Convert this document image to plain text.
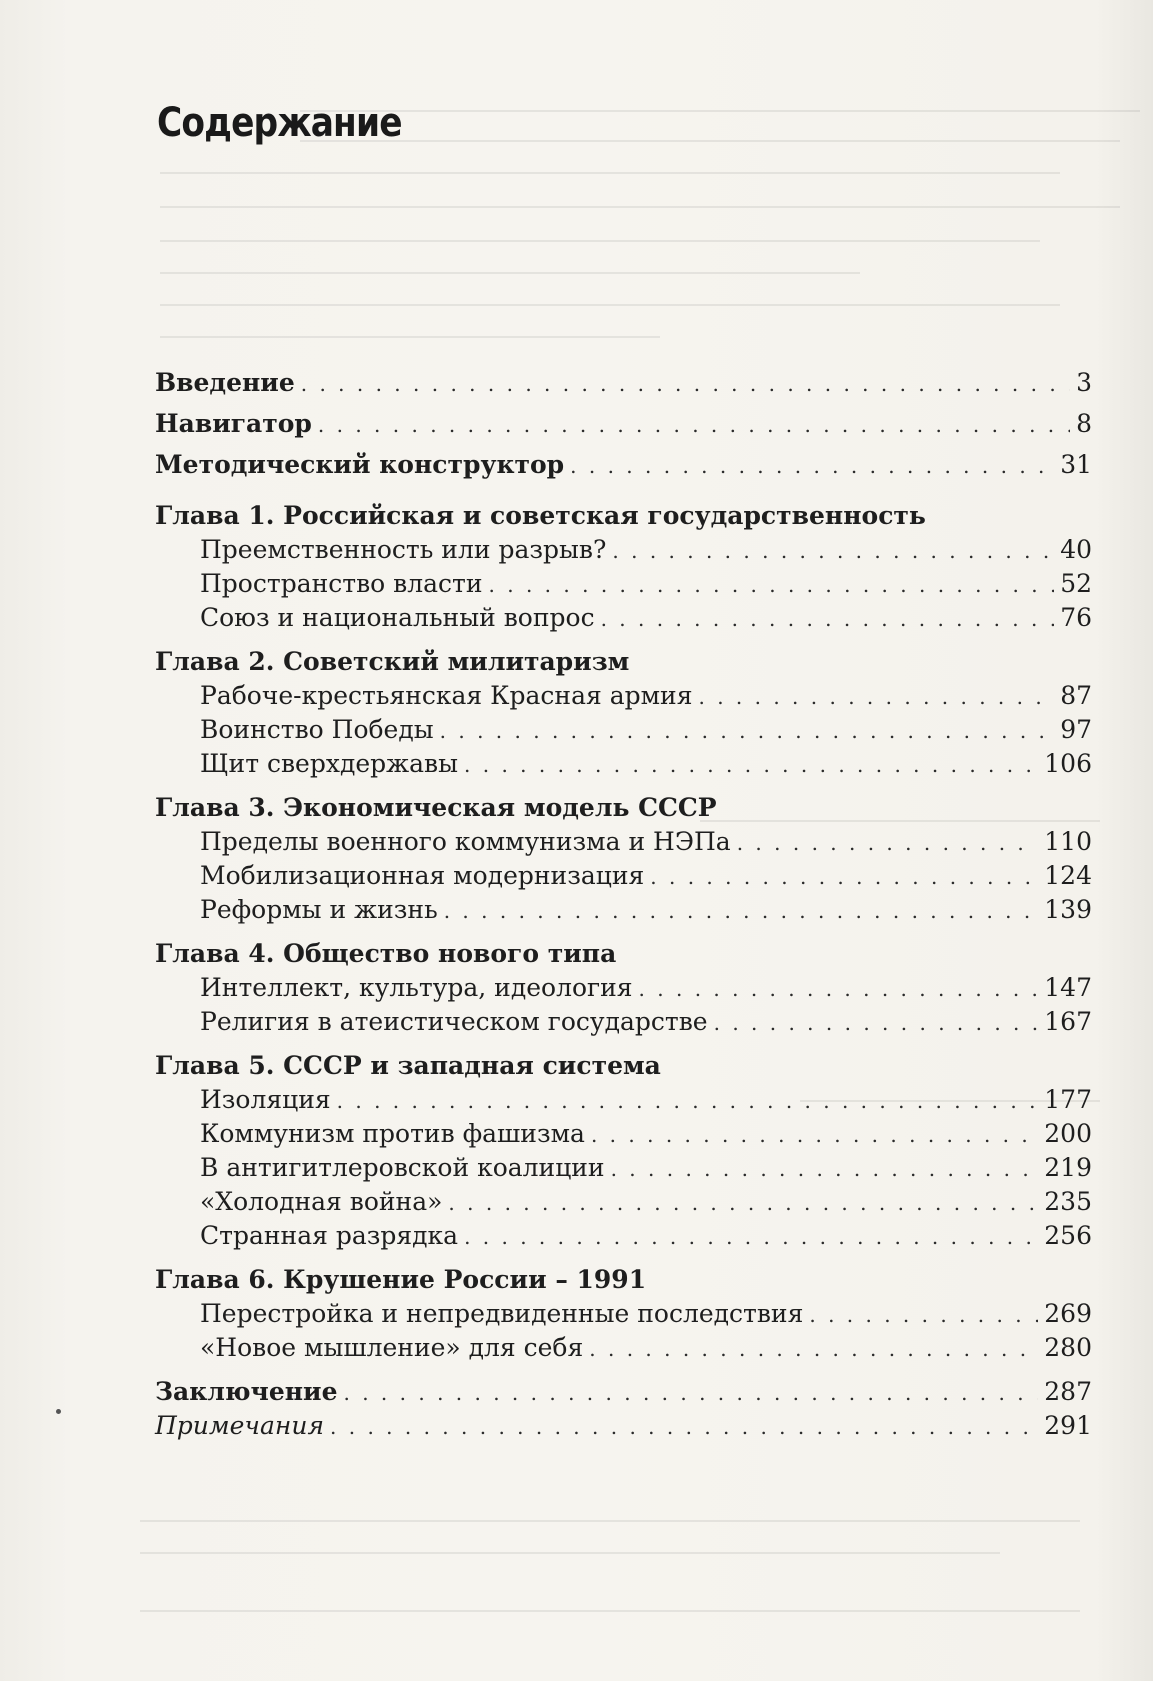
Содержание
Введение . . .	3
Навигатор . . .	8
Методический конструктор . . .	31
Глава 1. Российская и советская государственность
Преемственность или разрыв? . . .	40
Пространство власти . . .	52
Союз и национальный вопрос . . .	76
Глава 2. Советский милитаризм
Рабоче-крестьянская Красная армия . . .	87
Воинство Победы . . .	97
Щит сверхдержавы . . .	106
Глава 3. Экономическая модель СССР
Пределы военного коммунизма и НЭПа . . .	110
Мобилизационная модернизация . . .	124
Реформы и жизнь . . .	139
Глава 4. Общество нового типа
Интеллект, культура, идеология . . .	147
Религия в атеистическом государстве . . .	167
Глава 5. СССР и западная система
Изоляция . . .	177
Коммунизм против фашизма . . .	200
В антигитлеровской коалиции . . .	219
«Холодная война» . . .	235
Странная разрядка . . .	256
Глава 6. Крушение России – 1991
Перестройка и непредвиденные последствия . . .	269
«Новое мышление» для себя . . .	280
Заключение . . .	287
Примечания . . .	291
